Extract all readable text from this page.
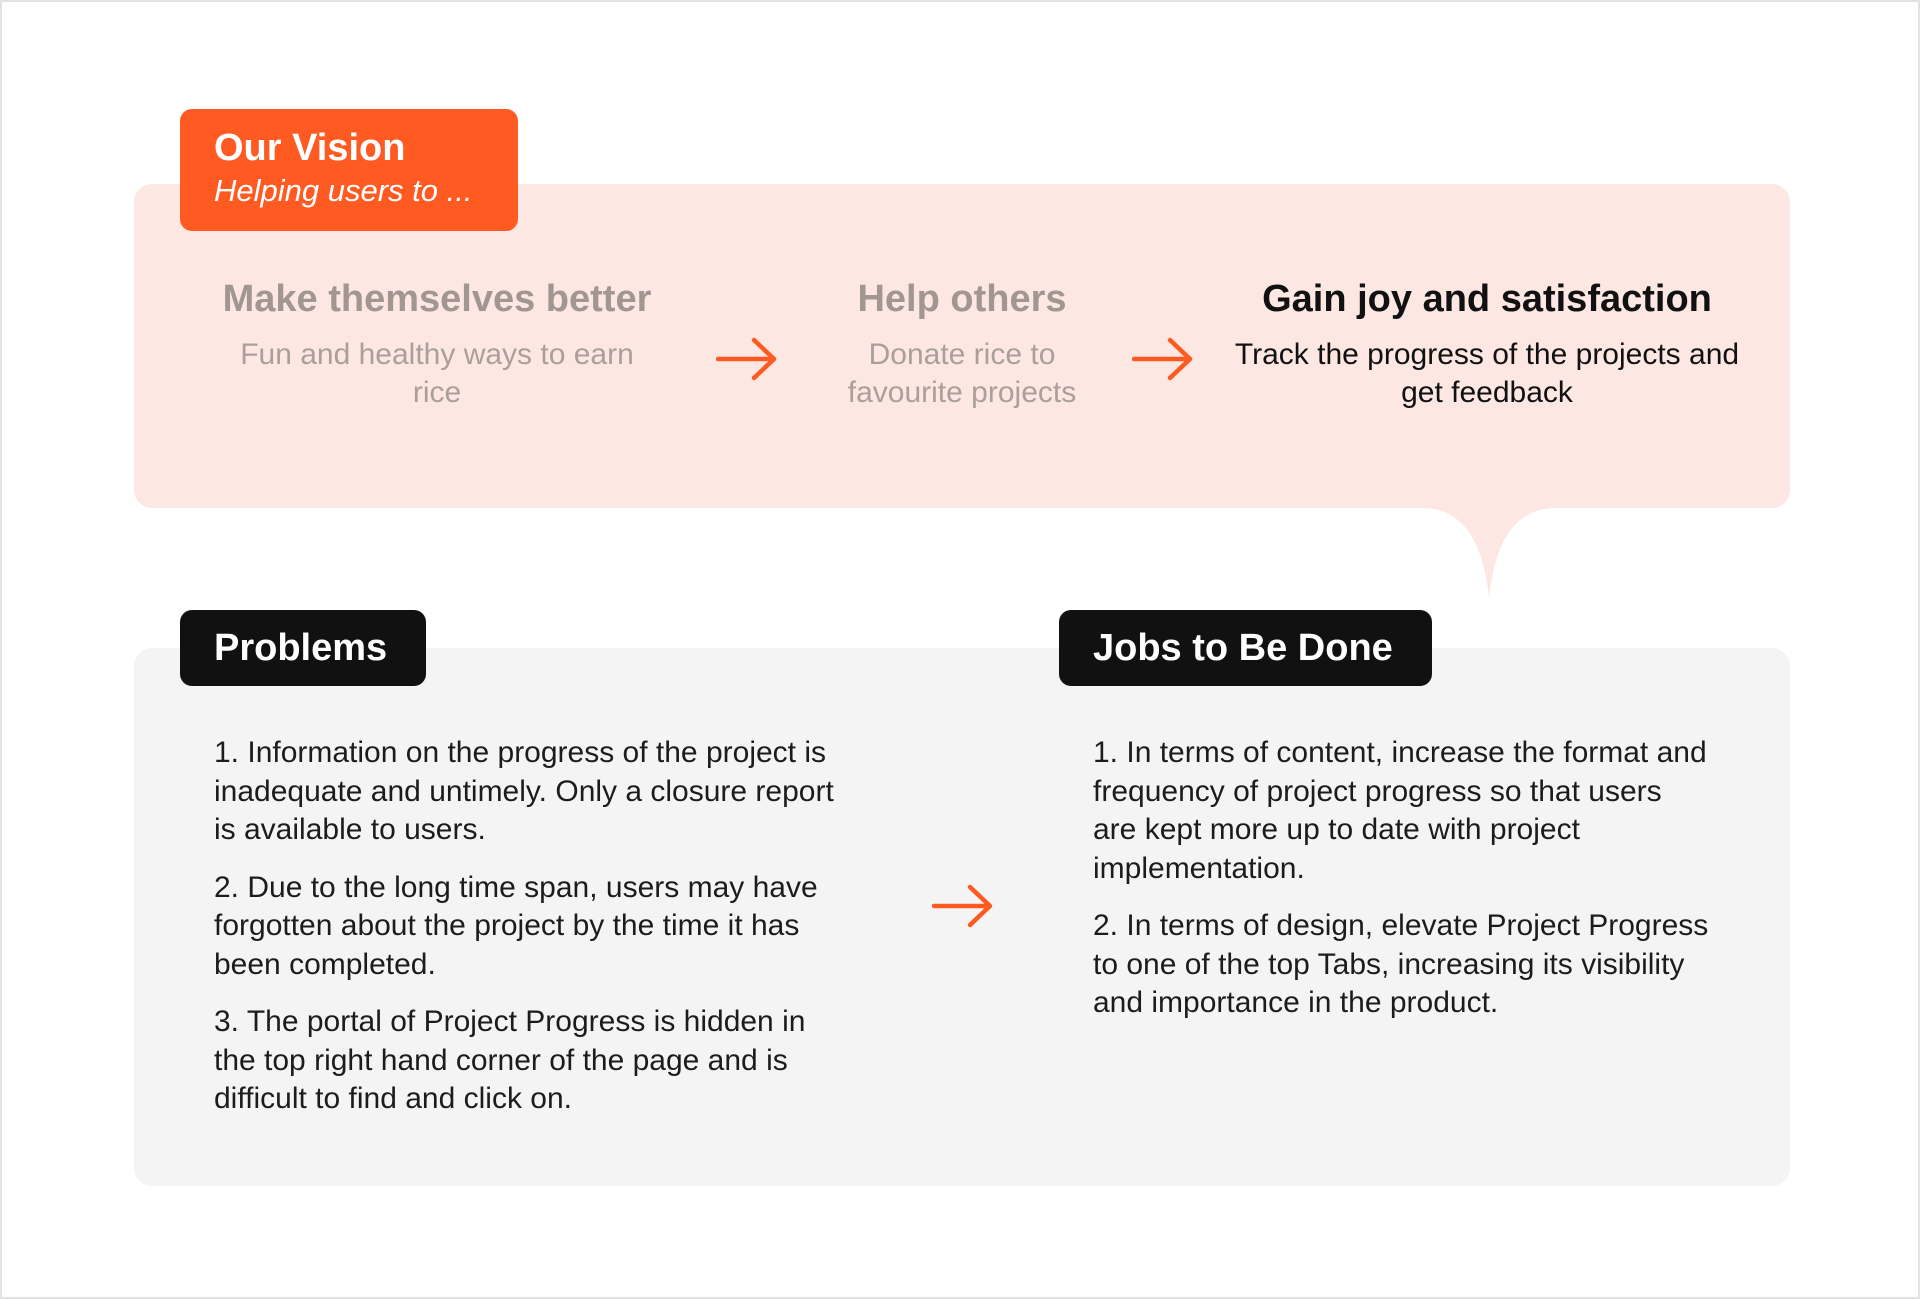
Our Vision
Helping users to ...
Make themselves better
Fun and healthy ways to earn rice
Help others
Donate rice to favourite projects
Gain joy and satisfaction
Track the progress of the projects and get feedback
Problems	Jobs to Be Done

1. Information on the progress of the project is inadequate and untimely. Only a closure report is available to users.

2. Due to the long time span, users may have forgotten about the project by the time it has been completed.

3. The portal of Project Progress is hidden in the top right hand corner of the page and is difficult to find and click on.

1. In terms of content, increase the format and frequency of project progress so that users are kept more up to date with project implementation.

2. In terms of design, elevate Project Progress to one of the top Tabs, increasing its visibility and importance in the product.
